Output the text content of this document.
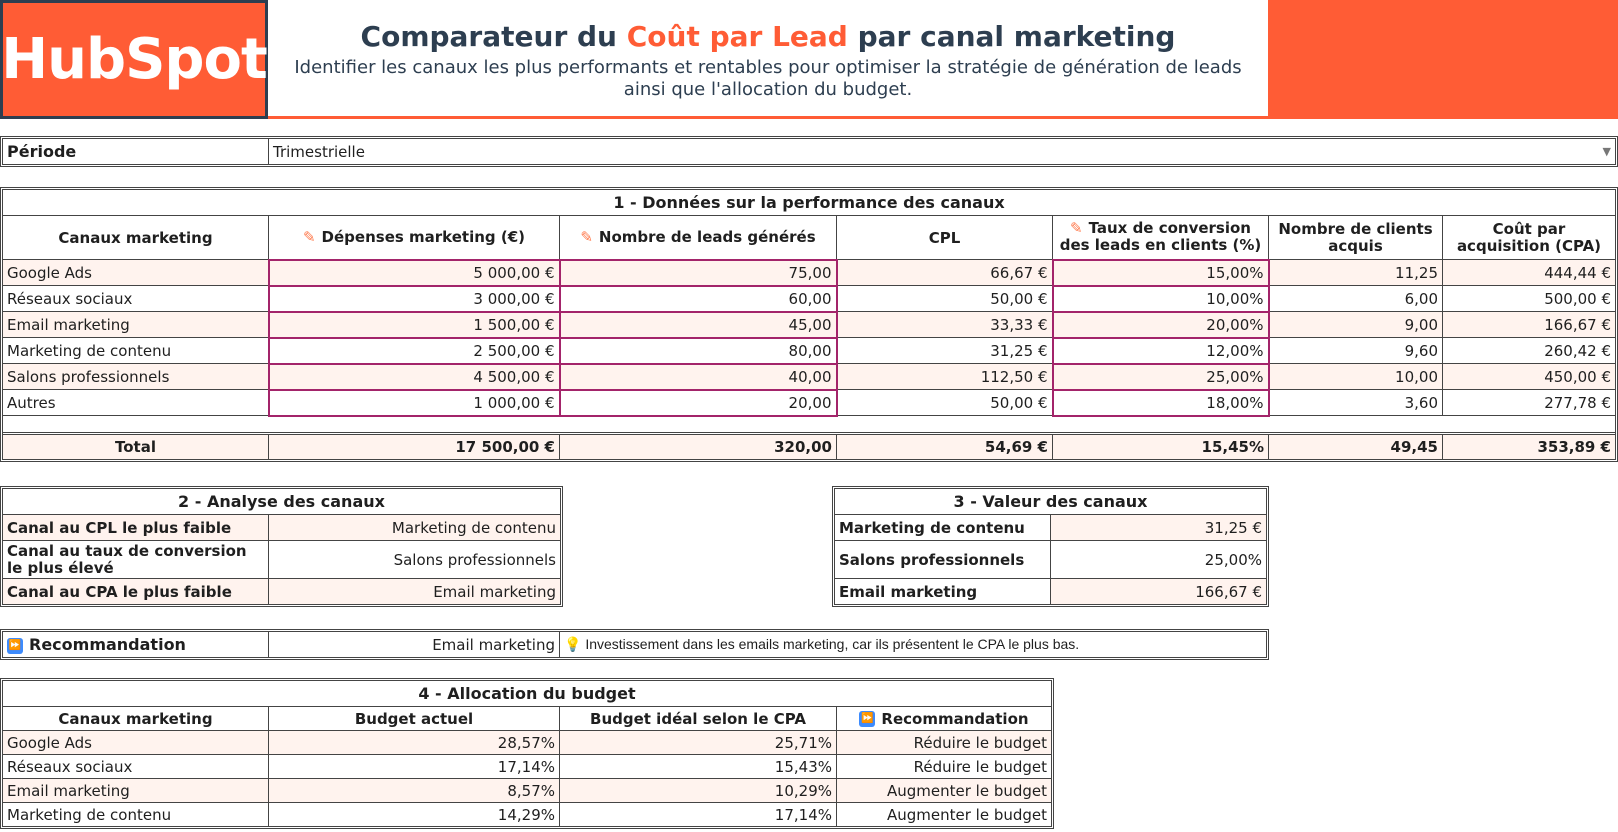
HubSpot	Comparateur du Coût par Lead par canal marketing
Identifier les canaux les plus performants et rentables pour optimiser la stratégie de génération de leads ainsi que l'allocation du budget.
Période	Trimestrielle	▼
1 - Données sur la performance des canaux						
Canaux marketing	✎ Dépenses marketing (€)	✎ Nombre de leads générés	CPL	✎ Taux de conversion des leads en clients (%)	Nombre de clients acquis	Coût par acquisition (CPA)
Google Ads	5 000,00 €	75,00	66,67 €	15,00%	11,25	444,44 €
Réseaux sociaux	3 000,00 €	60,00	50,00 €	10,00%	6,00	500,00 €
Email marketing	1 500,00 €	45,00	33,33 €	20,00%	9,00	166,67 €
Marketing de contenu	2 500,00 €	80,00	31,25 €	12,00%	9,60	260,42 €
Salons professionnels	4 500,00 €	40,00	112,50 €	25,00%	10,00	450,00 €
Autres	1 000,00 €	20,00	50,00 €	18,00%	3,60	277,78 €

Total	17 500,00 €	320,00	54,69 €	15,45%	49,45	353,89 €
2 - Analyse des canaux	
Canal au CPL le plus faible	Marketing de contenu
Canal au taux de conversion le plus élevé	Salons professionnels
Canal au CPA le plus faible	Email marketing
3 - Valeur des canaux	
Marketing de contenu	31,25 €
Salons professionnels	25,00%
Email marketing	166,67 €
⏩ Recommandation	Email marketing	💡 Investissement dans les emails marketing, car ils présentent le CPA le plus bas.
4 - Allocation du budget			
Canaux marketing	Budget actuel	Budget idéal selon le CPA	⏩ Recommandation
Google Ads	28,57%	25,71%	Réduire le budget
Réseaux sociaux	17,14%	15,43%	Réduire le budget
Email marketing	8,57%	10,29%	Augmenter le budget
Marketing de contenu	14,29%	17,14%	Augmenter le budget
